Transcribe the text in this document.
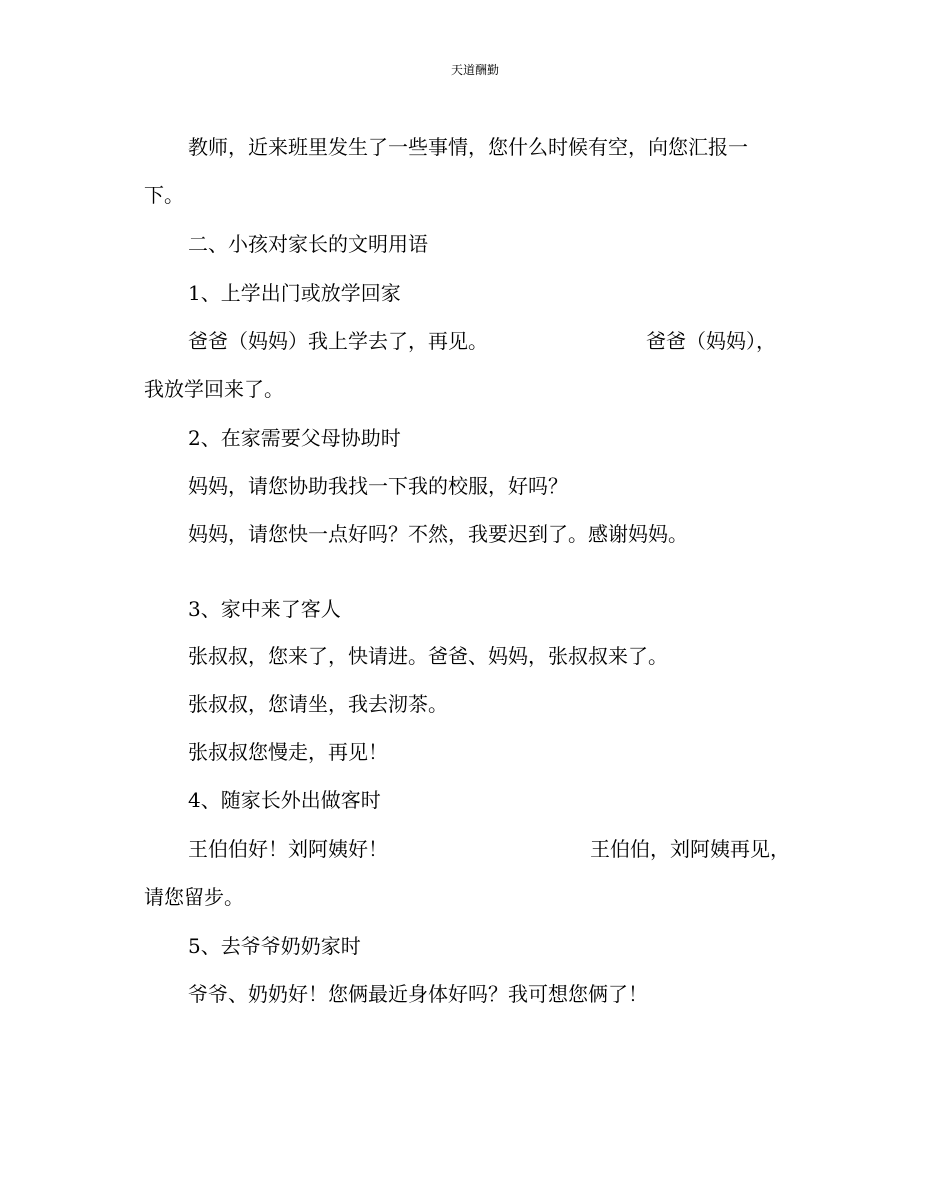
天道酬勤
教师，近来班里发生了一些事情，您什么时候有空，向您汇报一
下。
二、小孩对家长的文明用语
1、上学出门或放学回家
爸爸（妈妈）我上学去了，再见。	爸爸（妈妈），
我放学回来了。
2、在家需要父母协助时
妈妈，请您协助我找一下我的校服，好吗？
妈妈，请您快一点好吗？不然，我要迟到了。感谢妈妈。
3、家中来了客人
张叔叔，您来了，快请进。爸爸、妈妈，张叔叔来了。
张叔叔，您请坐，我去沏茶。
张叔叔您慢走，再见！
4、随家长外出做客时
王伯伯好！刘阿姨好！	王伯伯，刘阿姨再见，
请您留步。
5、去爷爷奶奶家时
爷爷、奶奶好！您俩最近身体好吗？我可想您俩了！
